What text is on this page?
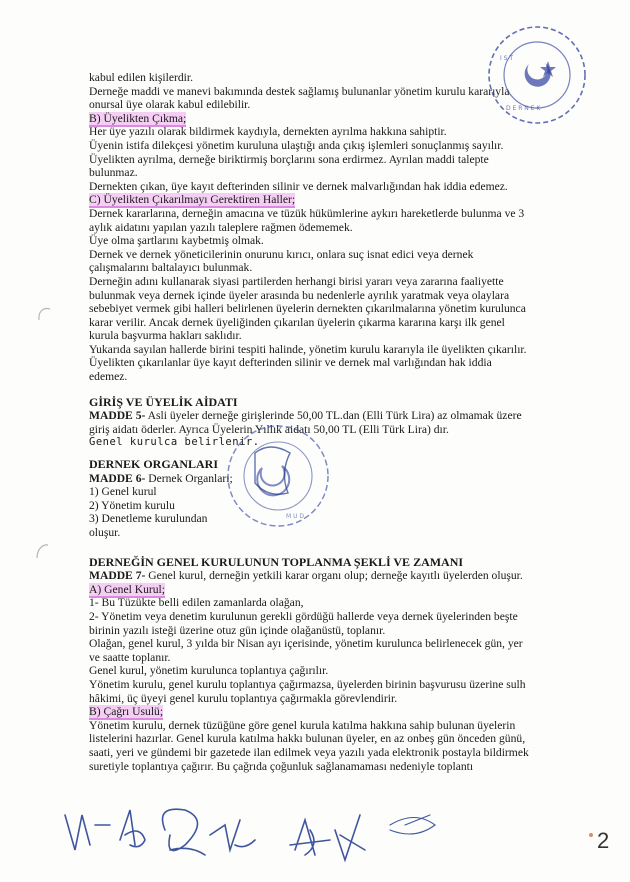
kabul edilen kişilerdir.

Derneğe maddi ve manevi bakımında destek sağlamış bulunanlar yönetim kurulu kararıyla

onursal üye olarak kabul edilebilir.

B) Üyelikten Çıkma;

Her üye yazılı olarak bildirmek kaydıyla, dernekten ayrılma hakkına sahiptir.

Üyenin istifa dilekçesi yönetim kuruluna ulaştığı anda çıkış işlemleri sonuçlanmış sayılır.

Üyelikten ayrılma, derneğe biriktirmiş borçlarını sona erdirmez. Ayrılan maddi talepte

bulunmaz.

Dernekten çıkan, üye kayıt defterinden silinir ve dernek malvarlığından hak iddia edemez.

C) Üyelikten Çıkarılmayı Gerektiren Haller;

Dernek kararlarına, derneğin amacına ve tüzük hükümlerine aykırı hareketlerde bulunma ve 3

aylık aidatını yapılan yazılı taleplere rağmen ödememek.

Üye olma şartlarını kaybetmiş olmak.

Dernek ve dernek yöneticilerinin onurunu kırıcı, onlara suç isnat edici veya dernek

çalışmalarını baltalayıcı bulunmak.

Derneğin adını kullanarak siyasi partilerden herhangi birisi yararı veya zararına faaliyette

bulunmak veya dernek içinde üyeler arasında bu nedenlerle ayrılık yaratmak veya olaylara

sebebiyet vermek gibi halleri belirlenen üyelerin dernekten çıkarılmalarına yönetim kurulunca

karar verilir. Ancak dernek üyeliğinden çıkarılan üyelerin çıkarma kararına karşı ilk genel

kurula başvurma hakları saklıdır.

Yukarıda sayılan hallerde birini tespiti halinde, yönetim kurulu kararıyla ile üyelikten çıkarılır.

Üyelikten çıkarılanlar üye kayıt defterinden silinir ve dernek mal varlığından hak iddia

edemez.

GİRİŞ VE ÜYELİK AİDATI

MADDE 5- Asli üyeler derneğe girişlerinde 50,00 TL.dan (Elli Türk Lira) az olmamak üzere

giriş aidatı öderler. Ayrıca Üyelerin Yıllık aidatı 50,00 TL (Elli Türk Lira) dır.

Genel kurulca belirlenir.

DERNEK ORGANLARI

MADDE 6- Dernek Organları;

1) Genel kurul

2) Yönetim kurulu

3) Denetleme kurulundan

oluşur.

DERNEĞİN GENEL KURULUNUN TOPLANMA ŞEKLİ VE ZAMANI

MADDE 7- Genel kurul, derneğin yetkili karar organı olup; derneğe kayıtlı üyelerden oluşur.

A) Genel Kurul;

1- Bu Tüzükte belli edilen zamanlarda olağan,

2- Yönetim veya denetim kurulunun gerekli gördüğü hallerde veya dernek üyelerinden beşte

birinin yazılı isteği üzerine otuz gün içinde olağanüstü, toplanır.

Olağan, genel kurul, 3 yılda bir Nisan ayı içerisinde, yönetim kurulunca belirlenecek gün, yer

ve saatte toplanır.

Genel kurul, yönetim kurulunca toplantıya çağırılır.

Yönetim kurulu, genel kurulu toplantıya çağırmazsa, üyelerden birinin başvurusu üzerine sulh

hâkimi, üç üyeyi genel kurulu toplantıya çağırmakla görevlendirir.

B) Çağrı Usulü;

Yönetim kurulu, dernek tüzüğüne göre genel kurula katılma hakkına sahip bulunan üyelerin

listelerini hazırlar. Genel kurula katılma hakkı bulunan üyeler, en az onbeş gün önceden günü,

saati, yeri ve gündemi bir gazetede ilan edilmek veya yazılı yada elektronik postayla bildirmek

suretiyle toplantıya çağırır. Bu çağrıda çoğunluk sağlanamaması nedeniyle toplantı

İ S T
D E R N E K
M Ü D
2
